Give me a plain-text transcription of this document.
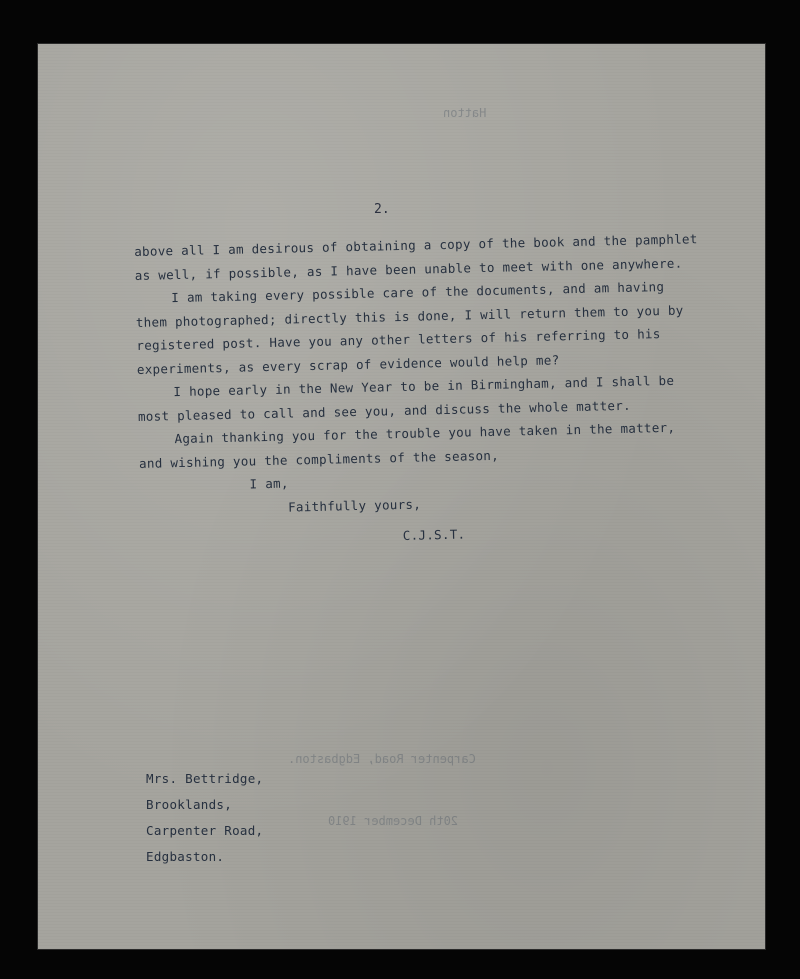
Hatton
Carpenter Road, Edgbaston.
20th December 1910
2.
above all I am desirous of obtaining a copy of the book and the pamphlet
as well, if possible, as I have been unable to meet with one anywhere.
I am taking every possible care of the documents, and am having
them photographed; directly this is done, I will return them to you by
registered post. Have you any other letters of his referring to his
experiments, as every scrap of evidence would help me?
I hope early in the New Year to be in Birmingham, and I shall be
most pleased to call and see you, and discuss the whole matter.
Again thanking you for the trouble you have taken in the matter,
and wishing you the compliments of the season,
I am,
Faithfully yours,
C.J.S.T.
Mrs. Bettridge,
Brooklands,
Carpenter Road,
Edgbaston.
